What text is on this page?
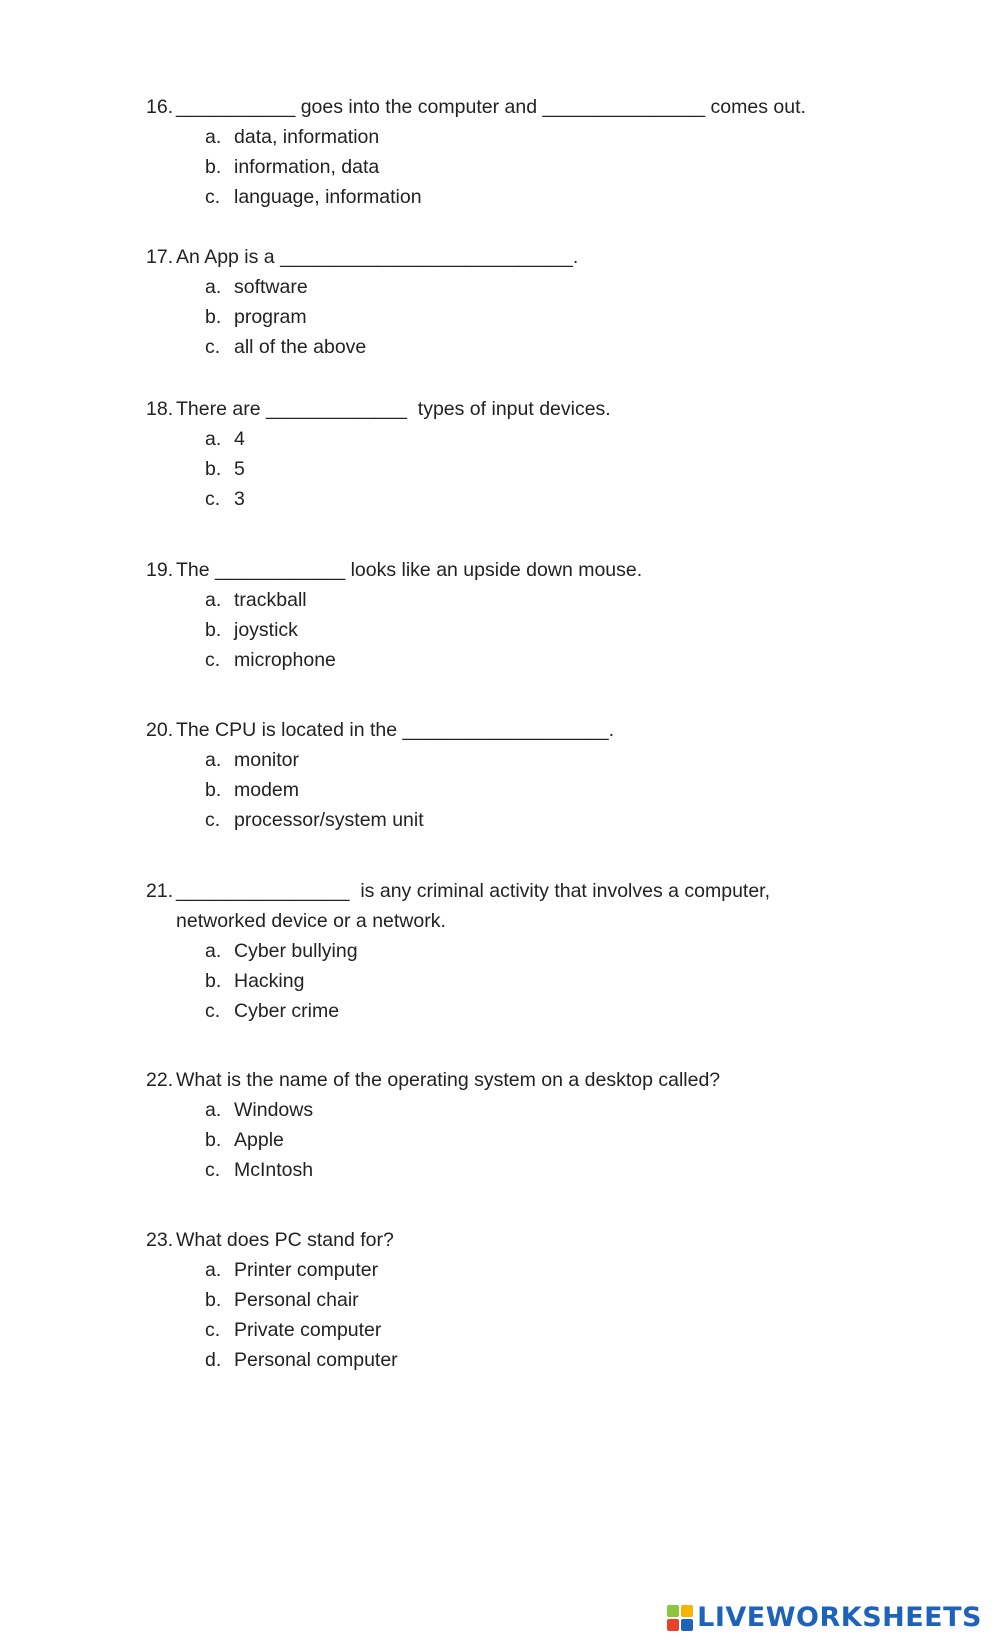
16. ___________ goes into the computer and _______________ comes out.
a. data, information
b. information, data
c. language, information
17. An App is a ___________________________.
a. software
b. program
c. all of the above
18. There are _____________  types of input devices.
a. 4
b. 5
c. 3
19. The ____________ looks like an upside down mouse.
a. trackball
b. joystick
c. microphone
20. The CPU is located in the ___________________.
a. monitor
b. modem
c. processor/system unit
21. ________________  is any criminal activity that involves a computer, networked device or a network.
a. Cyber bullying
b. Hacking
c. Cyber crime
22. What is the name of the operating system on a desktop called?
a. Windows
b. Apple
c. McIntosh
23. What does PC stand for?
a. Printer computer
b. Personal chair
c. Private computer
d. Personal computer
LIVEWORKSHEETS
